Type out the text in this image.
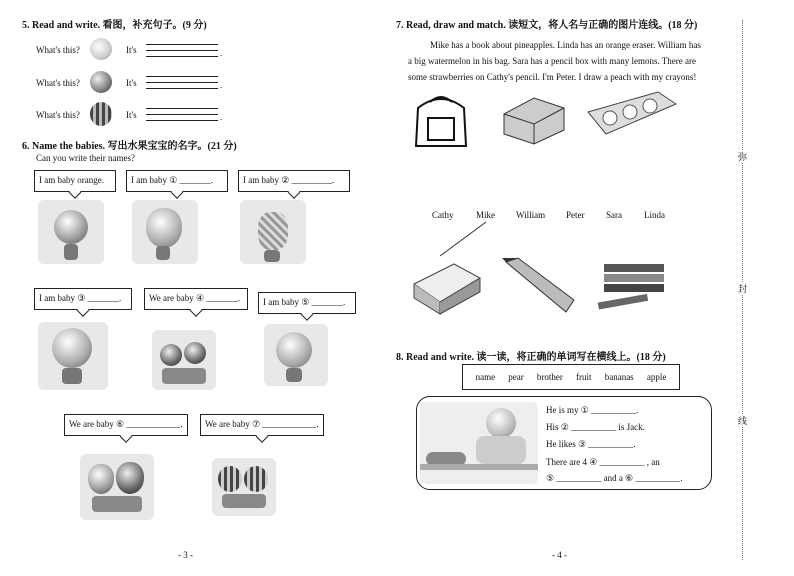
5. Read and write. 看图，补充句子。(9 分)
What's this?	It's	.
What's this?	It's	.
What's this?	It's	.
6. Name the babies. 写出水果宝宝的名字。(21 分)
Can you write their names?
I am baby orange.	I am baby ① _______.	I am baby ② _________.
I am baby ③ _______.	We are baby ④ _______.	I am baby ⑤ _______.
We are baby ⑥ ____________.	We are baby ⑦ ____________.
- 3 -
7. Read, draw and match. 读短文，将人名与正确的图片连线。(18 分)
Mike has a book about pineapples. Linda has an orange eraser. William has
a big watermelon in his bag. Sara has a pencil box with many lemons. There are
some strawberries on Cathy's pencil. I'm Peter. I draw a peach with my crayons!
Cathy	Mike William Peter Sara Linda
8. Read and write. 读一读，将正确的单词写在横线上。(18 分)
name pear brother fruit bananas apple
He is my ① __________.
His ② __________ is Jack.
He likes ③ __________.
There are 4 ④ __________ , an
⑤ __________ and a ⑥ __________.
- 4 -
弥
封
线
